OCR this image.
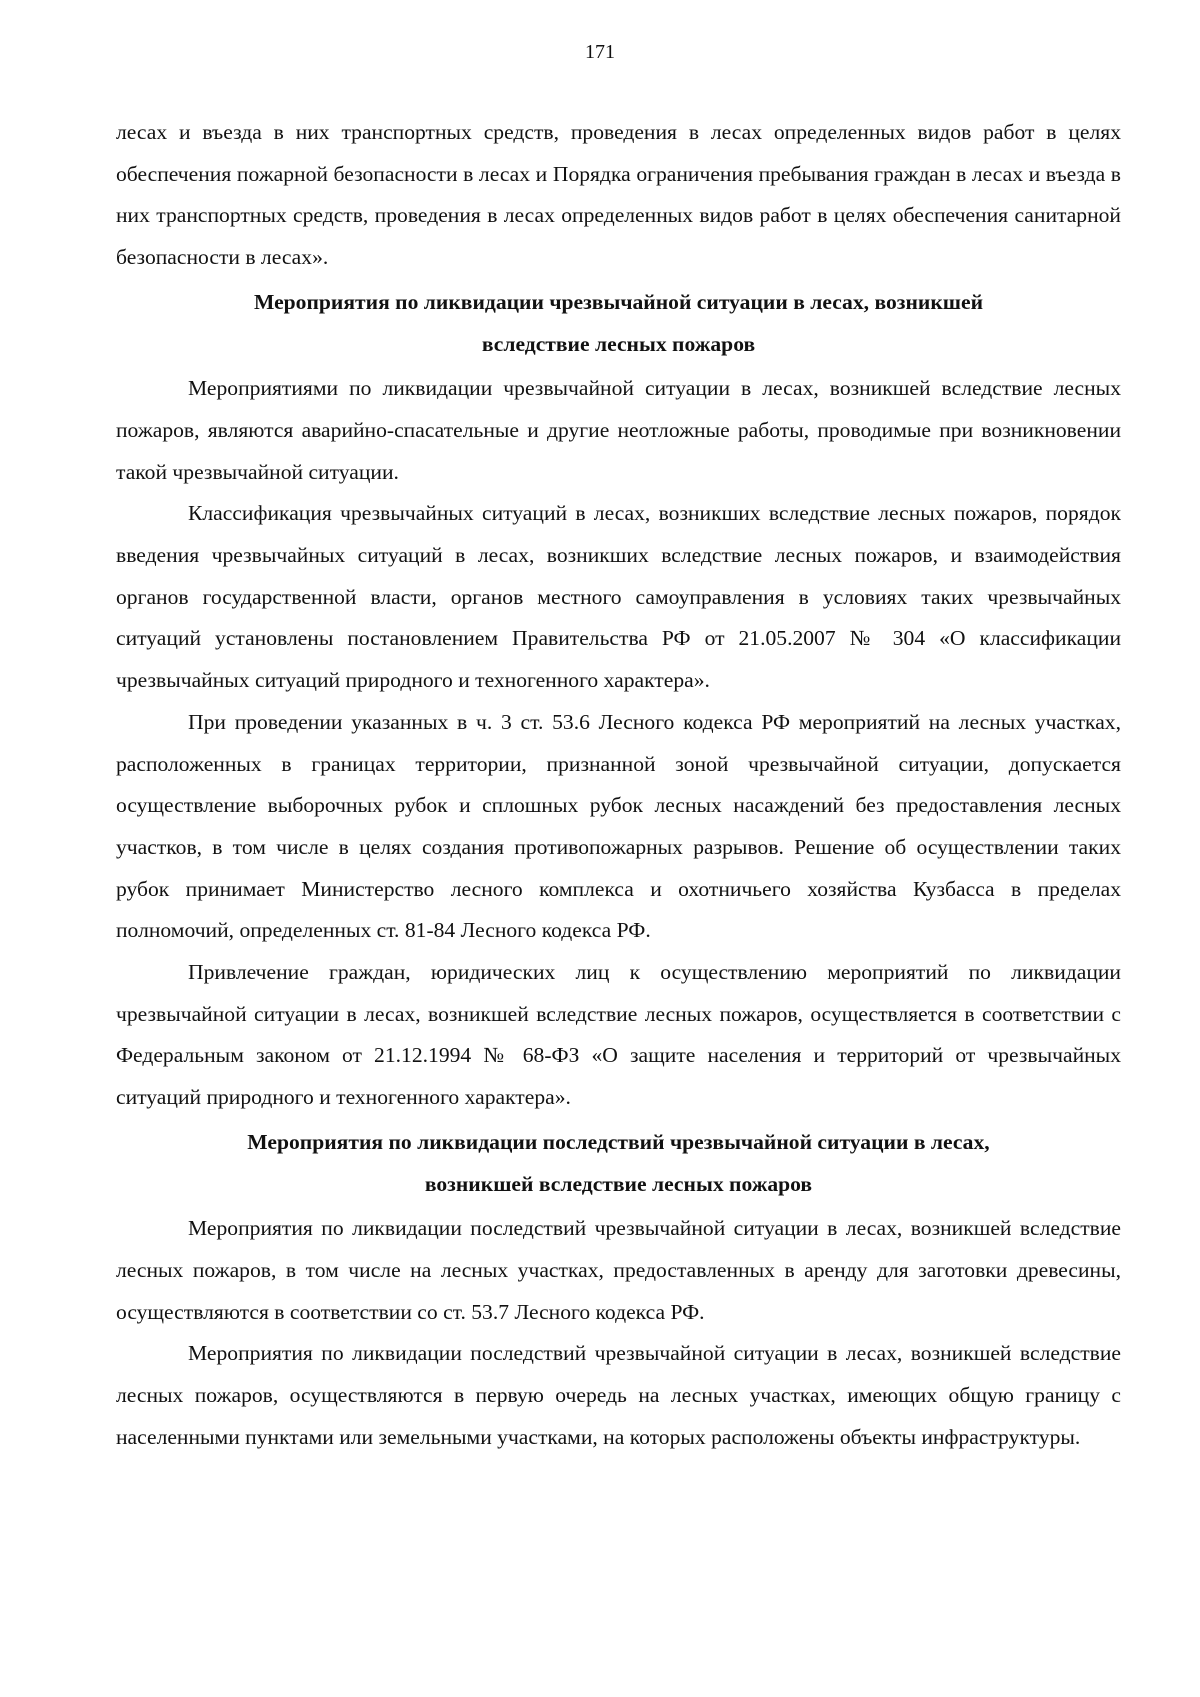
171

лесах и въезда в них транспортных средств, проведения в лесах определенных видов работ в целях обеспечения пожарной безопасности в лесах и Порядка ограничения пребывания граждан в лесах и въезда в них транспортных средств, проведения в лесах определенных видов работ в целях обеспечения санитарной безопасности в лесах».

Мероприятия по ликвидации чрезвычайной ситуации в лесах, возникшей вследствие лесных пожаров

Мероприятиями по ликвидации чрезвычайной ситуации в лесах, возникшей вследствие лесных пожаров, являются аварийно-спасательные и другие неотложные работы, проводимые при возникновении такой чрезвычайной ситуации.

Классификация чрезвычайных ситуаций в лесах, возникших вследствие лесных пожаров, порядок введения чрезвычайных ситуаций в лесах, возникших вследствие лесных пожаров, и взаимодействия органов государственной власти, органов местного самоуправления в условиях таких чрезвычайных ситуаций установлены постановлением Правительства РФ от 21.05.2007 № 304 «О классификации чрезвычайных ситуаций природного и техногенного характера».

При проведении указанных в ч. 3 ст. 53.6 Лесного кодекса РФ мероприятий на лесных участках, расположенных в границах территории, признанной зоной чрезвычайной ситуации, допускается осуществление выборочных рубок и сплошных рубок лесных насаждений без предоставления лесных участков, в том числе в целях создания противопожарных разрывов. Решение об осуществлении таких рубок принимает Министерство лесного комплекса и охотничьего хозяйства Кузбасса в пределах полномочий, определенных ст. 81-84 Лесного кодекса РФ.

Привлечение граждан, юридических лиц к осуществлению мероприятий по ликвидации чрезвычайной ситуации в лесах, возникшей вследствие лесных пожаров, осуществляется в соответствии с Федеральным законом от 21.12.1994 № 68-ФЗ «О защите населения и территорий от чрезвычайных ситуаций природного и техногенного характера».

Мероприятия по ликвидации последствий чрезвычайной ситуации в лесах, возникшей вследствие лесных пожаров

Мероприятия по ликвидации последствий чрезвычайной ситуации в лесах, возникшей вследствие лесных пожаров, в том числе на лесных участках, предоставленных в аренду для заготовки древесины, осуществляются в соответствии со ст. 53.7 Лесного кодекса РФ.

Мероприятия по ликвидации последствий чрезвычайной ситуации в лесах, возникшей вследствие лесных пожаров, осуществляются в первую очередь на лесных участках, имеющих общую границу с населенными пунктами или земельными участками, на которых расположены объекты инфраструктуры.
